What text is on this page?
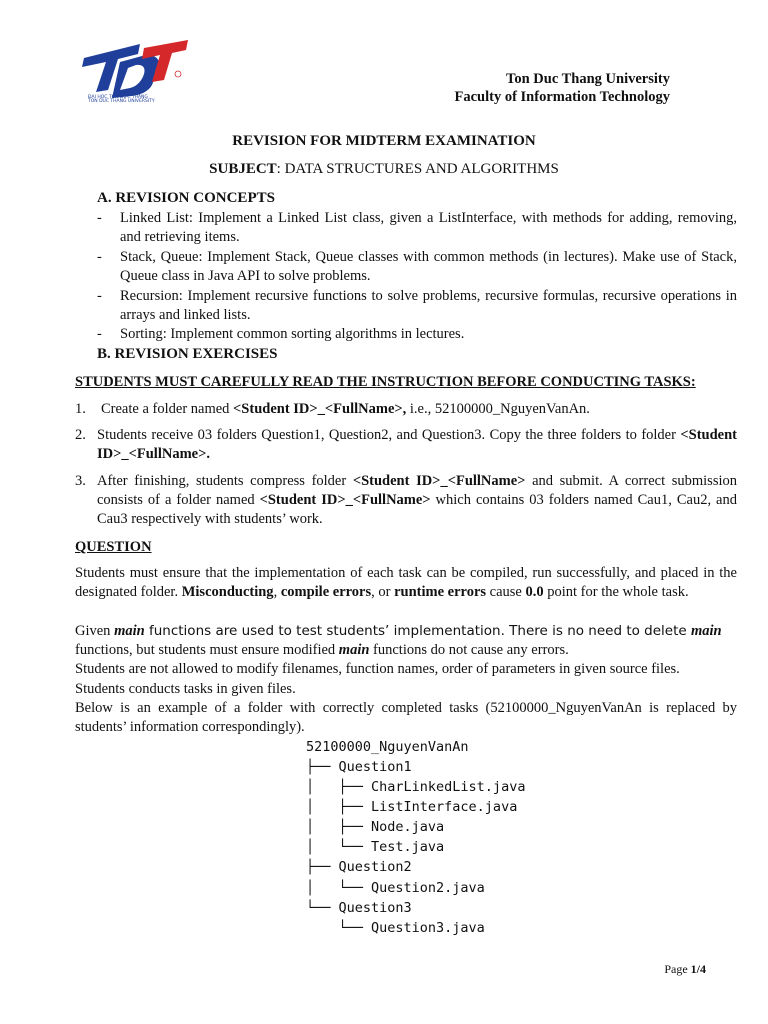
ĐẠI HỌC TÔN ĐỨC THẮNG
TON DUC THANG UNIVERSITY
Ton Duc Thang University
Faculty of Information Technology
REVISION FOR MIDTERM EXAMINATION
SUBJECT: DATA STRUCTURES AND ALGORITHMS
A. REVISION CONCEPTS
- Linked List: Implement a Linked List class, given a ListInterface, with methods for adding, removing, and retrieving items.
- Stack, Queue: Implement Stack, Queue classes with common methods (in lectures). Make use of Stack, Queue class in Java API to solve problems.
- Recursion: Implement recursive functions to solve problems, recursive formulas, recursive operations in arrays and linked lists.
- Sorting: Implement common sorting algorithms in lectures.
B. REVISION EXERCISES
STUDENTS MUST CAREFULLY READ THE INSTRUCTION BEFORE CONDUCTING TASKS:
1. Create a folder named <Student ID>_<FullName>, i.e., 52100000_NguyenVanAn.
2. Students receive 03 folders Question1, Question2, and Question3. Copy the three folders to folder <Student ID>_<FullName>.
3. After finishing, students compress folder <Student ID>_<FullName> and submit. A correct submission consists of a folder named <Student ID>_<FullName> which contains 03 folders named Cau1, Cau2, and Cau3 respectively with students’ work.
QUESTION
Students must ensure that the implementation of each task can be compiled, run successfully, and placed in the designated folder. Misconducting, compile errors, or runtime errors cause 0.0 point for the whole task.
Given main functions are used to test students’ implementation. There is no need to delete main functions, but students must ensure modified main functions do not cause any errors.
Students are not allowed to modify filenames, function names, order of parameters in given source files.
Students conducts tasks in given files.
Below is an example of a folder with correctly completed tasks (52100000_NguyenVanAn is replaced by students’ information correspondingly).
52100000_NguyenVanAn
├── Question1
│   ├── CharLinkedList.java
│   ├── ListInterface.java
│   ├── Node.java
│   └── Test.java
├── Question2
│   └── Question2.java
└── Question3
└── Question3.java
Page 1/4
